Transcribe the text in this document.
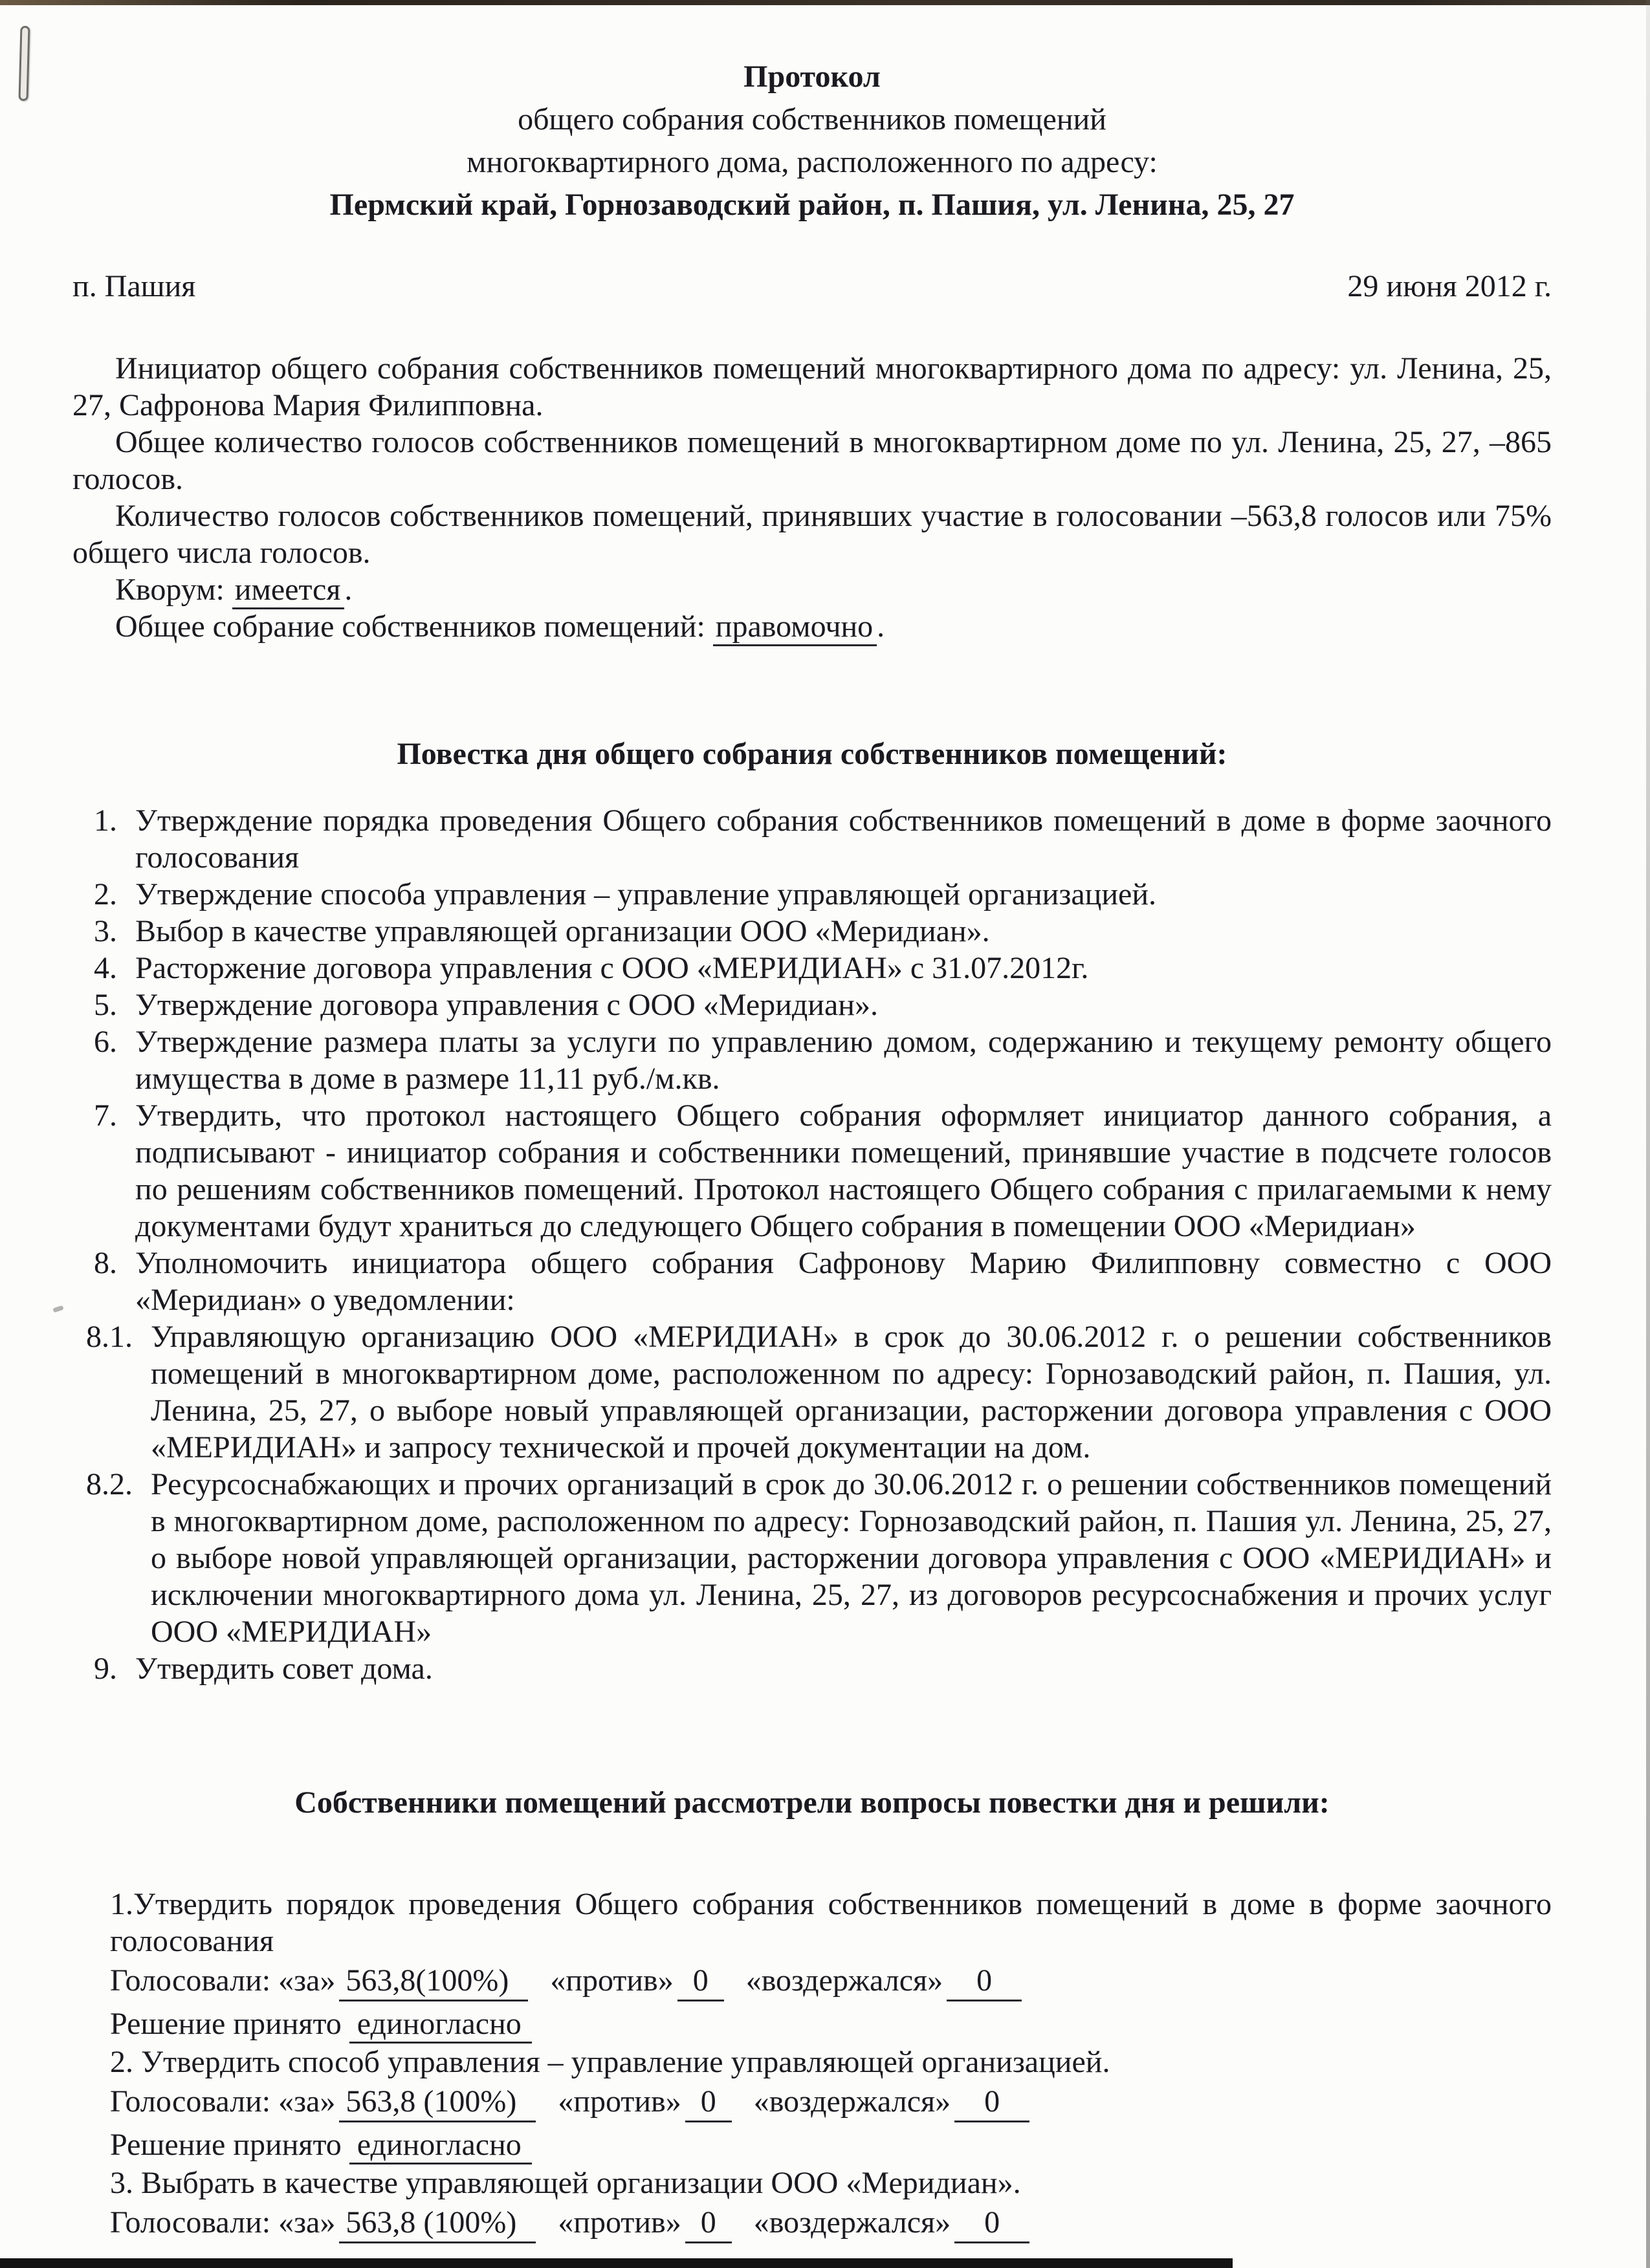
Протокол
общего собрания собственников помещений
многоквартирного дома, расположенного по адресу:
Пермский край, Горнозаводский район, п. Пашия, ул. Ленина, 25, 27
п. Пашия	29 июня 2012 г.

Инициатор общего собрания собственников помещений многоквартирного дома по адресу: ул. Ленина, 25, 27, Сафронова Мария Филипповна.

Общее количество голосов собственников помещений в многоквартирном доме по ул. Ленина, 25, 27, –865 голосов.

Количество голосов собственников помещений, принявших участие в голосовании –563,8 голосов или 75% общего числа голосов.

Кворум: имеется .

Общее собрание собственников помещений: правомочно .

Повестка дня общего собрания собственников помещений:
1. Утверждение порядка проведения Общего собрания собственников помещений в доме в форме заочного голосования
2. Утверждение способа управления – управление управляющей организацией.
3. Выбор в качестве управляющей организации ООО «Меридиан».
4. Расторжение договора управления с ООО «МЕРИДИАН» с 31.07.2012г.
5. Утверждение договора управления с ООО «Меридиан».
6. Утверждение размера платы за услуги по управлению домом, содержанию и текущему ремонту общего имущества в доме в размере 11,11 руб./м.кв.
7. Утвердить, что протокол настоящего Общего собрания оформляет инициатор данного собрания, а подписывают - инициатор собрания и собственники помещений, принявшие участие в подсчете голосов по решениям собственников помещений. Протокол настоящего Общего собрания с прилагаемыми к нему документами будут храниться до следующего Общего собрания в помещении ООО «Меридиан»
8. Уполномочить инициатора общего собрания Сафронову Марию Филипповну совместно с ООО «Меридиан» о уведомлении:
8.1. Управляющую организацию ООО «МЕРИДИАН» в срок до 30.06.2012 г. о решении собственников помещений в многоквартирном доме, расположенном по адресу: Горнозаводский район, п. Пашия, ул. Ленина, 25, 27, о выборе новый управляющей организации, расторжении договора управления с ООО «МЕРИДИАН» и запросу технической и прочей документации на дом.
8.2. Ресурсоснабжающих и прочих организаций в срок до 30.06.2012 г. о решении собственников помещений в многоквартирном доме, расположенном по адресу: Горнозаводский район, п. Пашия ул. Ленина, 25, 27, о выборе новой управляющей организации, расторжении договора управления с ООО «МЕРИДИАН» и исключении многоквартирного дома ул. Ленина, 25, 27, из договоров ресурсоснабжения и прочих услуг ООО «МЕРИДИАН»
9. Утвердить совет дома.
Собственники помещений рассмотрели вопросы повестки дня и решили:

1.Утвердить порядок проведения Общего собрания собственников помещений в доме в форме заочного голосования

Голосовали: «за» 563,8(100%) «против» 0 «воздержался» 0

Решение принято единогласно

2. Утвердить способ управления – управление управляющей организацией.

Голосовали: «за» 563,8 (100%) «против» 0 «воздержался» 0

Решение принято единогласно

3. Выбрать в качестве управляющей организации ООО «Меридиан».

Голосовали: «за» 563,8 (100%) «против» 0 «воздержался» 0
